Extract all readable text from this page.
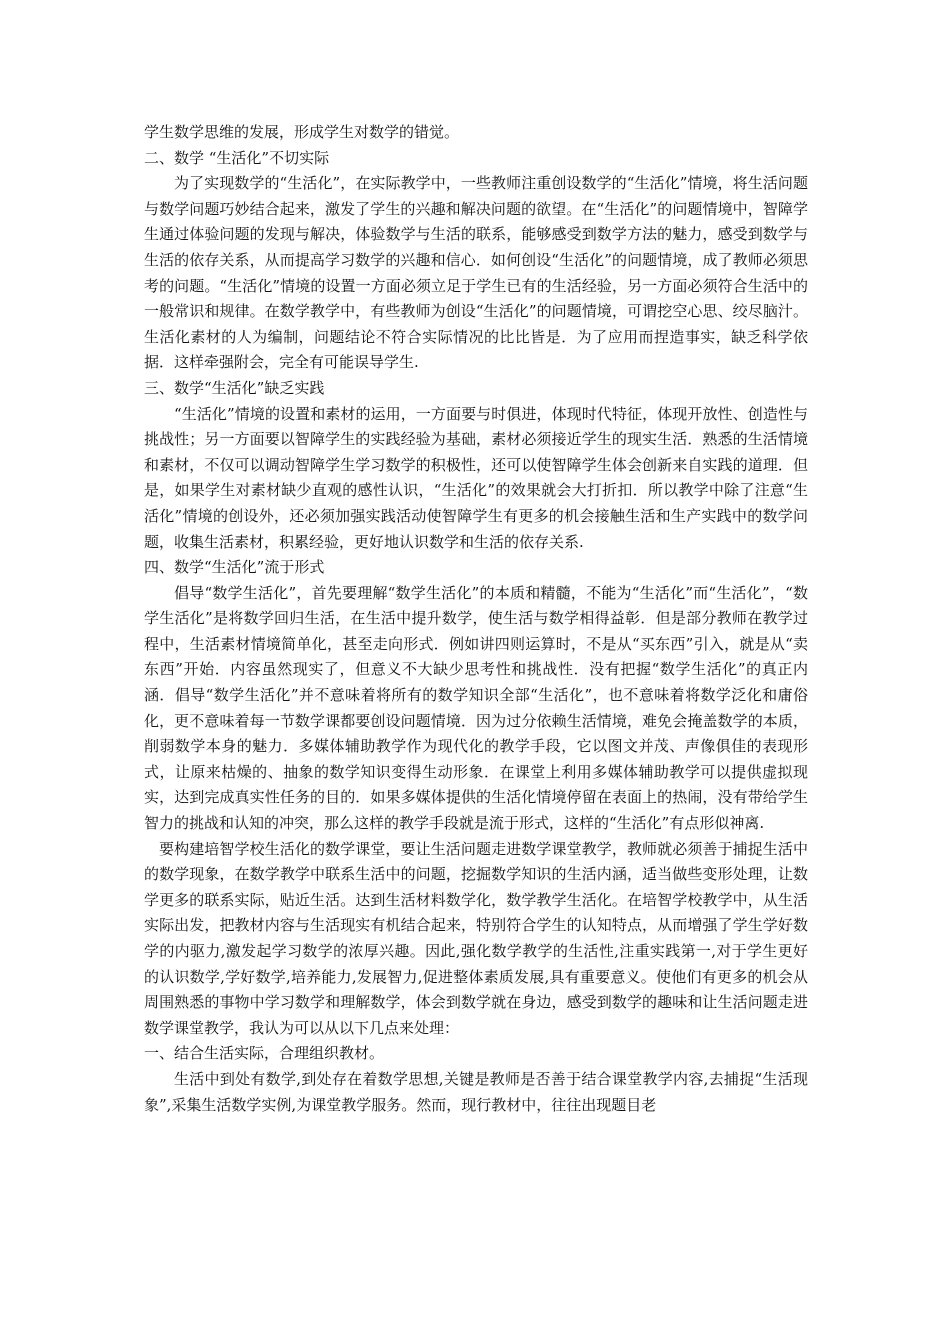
学生数学思维的发展，形成学生对数学的错觉。

二、数学 “生活化”不切实际

为了实现数学的“生活化”，在实际教学中，一些教师注重创设数学的“生活化”情境，将生活问题与数学问题巧妙结合起来，激发了学生的兴趣和解决问题的欲望。在“生活化”的问题情境中，智障学生通过体验问题的发现与解决，体验数学与生活的联系，能够感受到数学方法的魅力，感受到数学与生活的依存关系，从而提高学习数学的兴趣和信心．如何创设“生活化”的问题情境，成了教师必须思考的问题。“生活化”情境的设置一方面必须立足于学生已有的生活经验，另一方面必须符合生活中的一般常识和规律。在数学教学中，有些教师为创设“生活化”的问题情境，可谓挖空心思、绞尽脑汁。生活化素材的人为编制，问题结论不符合实际情况的比比皆是．为了应用而捏造事实，缺乏科学依据．这样牵强附会，完全有可能误导学生.

三、数学“生活化”缺乏实践

“生活化”情境的设置和素材的运用，一方面要与时俱进，体现时代特征，体现开放性、创造性与挑战性；另一方面要以智障学生的实践经验为基础，素材必须接近学生的现实生活．熟悉的生活情境和素材，不仅可以调动智障学生学习数学的积极性，还可以使智障学生体会创新来自实践的道理．但是，如果学生对素材缺少直观的感性认识，“生活化”的效果就会大打折扣．所以教学中除了注意“生活化”情境的创设外，还必须加强实践活动使智障学生有更多的机会接触生活和生产实践中的数学问题，收集生活素材，积累经验，更好地认识数学和生活的依存关系.

四、数学“生活化”流于形式

倡导“数学生活化”，首先要理解“数学生活化”的本质和精髓，不能为“生活化”而“生活化”，“数学生活化”是将数学回归生活，在生活中提升数学，使生活与数学相得益彰．但是部分教师在教学过程中，生活素材情境简单化，甚至走向形式．例如讲四则运算时，不是从“买东西”引入，就是从“卖东西”开始．内容虽然现实了，但意义不大缺少思考性和挑战性．没有把握“数学生活化”的真正内涵．倡导“数学生活化”并不意味着将所有的数学知识全部“生活化”，也不意味着将数学泛化和庸俗化，更不意味着每一节数学课都要创设问题情境．因为过分依赖生活情境，难免会掩盖数学的本质，削弱数学本身的魅力．多媒体辅助教学作为现代化的教学手段，它以图文并茂、声像俱佳的表现形式，让原来枯燥的、抽象的数学知识变得生动形象．在课堂上利用多媒体辅助教学可以提供虚拟现实，达到完成真实性任务的目的．如果多媒体提供的生活化情境停留在表面上的热闹，没有带给学生智力的挑战和认知的冲突，那么这样的教学手段就是流于形式，这样的“生活化”有点形似神离.

要构建培智学校生活化的数学课堂，要让生活问题走进数学课堂教学，教师就必须善于捕捉生活中的数学现象，在数学教学中联系生活中的问题，挖掘数学知识的生活内涵，适当做些变形处理，让数学更多的联系实际，贴近生活。达到生活材料数学化，数学教学生活化。在培智学校教学中，从生活实际出发，把教材内容与生活现实有机结合起来，特别符合学生的认知特点，从而增强了学生学好数学的内驱力,激发起学习数学的浓厚兴趣。因此,强化数学教学的生活性,注重实践第一,对于学生更好的认识数学,学好数学,培养能力,发展智力,促进整体素质发展,具有重要意义。使他们有更多的机会从周围熟悉的事物中学习数学和理解数学，体会到数学就在身边，感受到数学的趣味和让生活问题走进数学课堂教学，我认为可以从以下几点来处理：

一、结合生活实际，合理组织教材。

生活中到处有数学,到处存在着数学思想,关键是教师是否善于结合课堂教学内容,去捕捉“生活现象”,采集生活数学实例,为课堂教学服务。然而，现行教材中，往往出现题目老
